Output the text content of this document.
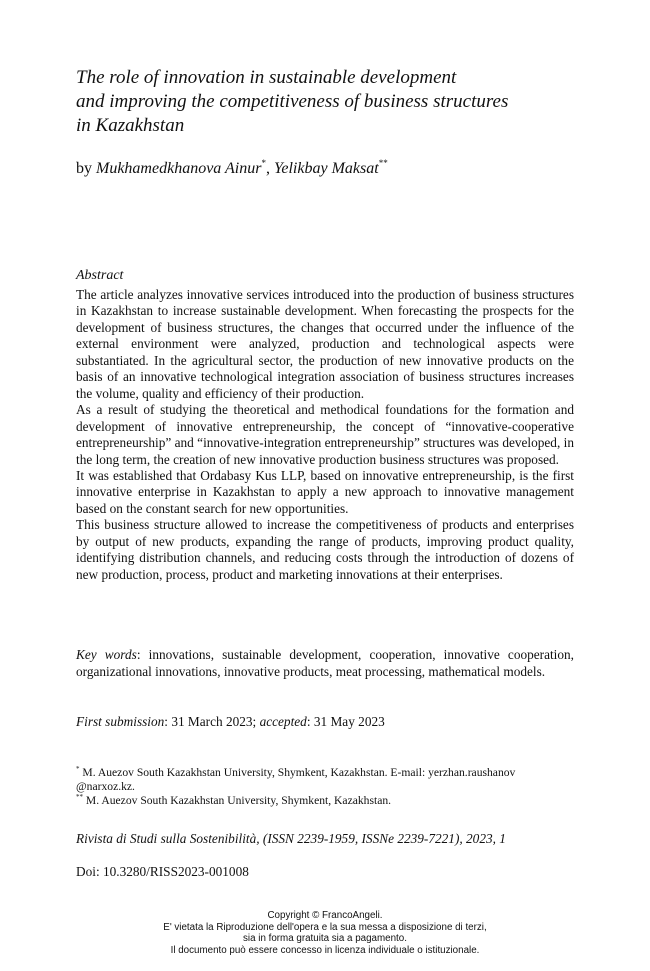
The role of innovation in sustainable development
and improving the competitiveness of business structures
in Kazakhstan
by Mukhamedkhanova Ainur*, Yelikbay Maksat**
Abstract

The article analyzes innovative services introduced into the production of business structures in Kazakhstan to increase sustainable development. When forecasting the prospects for the development of business structures, the changes that occurred under the influence of the external environment were analyzed, production and technological aspects were substantiated. In the agricultural sector, the production of new innovative products on the basis of an innovative technological integration association of business structures increases the volume, quality and efficiency of their production.

As a result of studying the theoretical and methodical foundations for the formation and development of innovative entrepreneurship, the concept of “innovative-cooperative entrepreneurship” and “innovative-integration entrepreneurship” structures was developed, in the long term, the creation of new innovative production business structures was proposed.

It was established that Ordabasy Kus LLP, based on innovative entrepreneurship, is the first innovative enterprise in Kazakhstan to apply a new approach to innovative management based on the constant search for new opportunities.

This business structure allowed to increase the competitiveness of products and enterprises by output of new products, expanding the range of products, improving product quality, identifying distribution channels, and reducing costs through the introduction of dozens of new production, process, product and marketing innovations at their enterprises.

Key words: innovations, sustainable development, cooperation, innovative cooperation, organizational innovations, innovative products, meat processing, mathematical models.
First submission: 31 March 2023; accepted: 31 May 2023

* M. Auezov South Kazakhstan University, Shymkent, Kazakhstan. E-mail: yerzhan.raushanov @narxoz.kz.

** M. Auezov South Kazakhstan University, Shymkent, Kazakhstan.

Rivista di Studi sulla Sostenibilità, (ISSN 2239-1959, ISSNe 2239-7221), 2023, 1
Doi: 10.3280/RISS2023-001008
Copyright © FrancoAngeli.
E' vietata la Riproduzione dell'opera e la sua messa a disposizione di terzi,
sia in forma gratuita sia a pagamento.
Il documento può essere concesso in licenza individuale o istituzionale.
